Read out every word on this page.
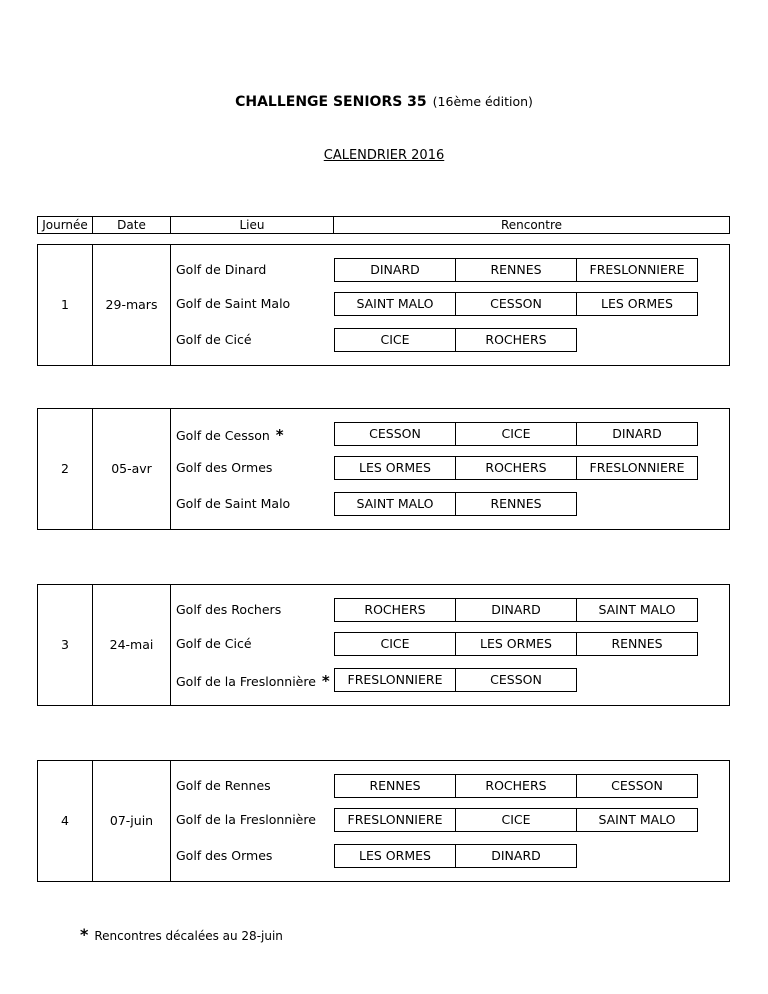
CHALLENGE SENIORS 35 (16ème édition)
CALENDRIER 2016
Journée	Date	Lieu	Rencontre
1	29-mars
Golf de Dinard	DINARD	RENNES	FRESLONNIERE
Golf de Saint Malo	SAINT MALO	CESSON	LES ORMES
Golf de Cicé	CICE	ROCHERS
2	05-avr
Golf de Cesson *	CESSON	CICE	DINARD
Golf des Ormes	LES ORMES	ROCHERS	FRESLONNIERE
Golf de Saint Malo	SAINT MALO	RENNES
3	24-mai
Golf des Rochers	ROCHERS	DINARD	SAINT MALO
Golf de Cicé	CICE	LES ORMES	RENNES
Golf de la Freslonnière *	FRESLONNIERE	CESSON
4	07-juin
Golf de Rennes	RENNES	ROCHERS	CESSON
Golf de la Freslonnière	FRESLONNIERE	CICE	SAINT MALO
Golf des Ormes	LES ORMES	DINARD
* Rencontres décalées au 28-juin
